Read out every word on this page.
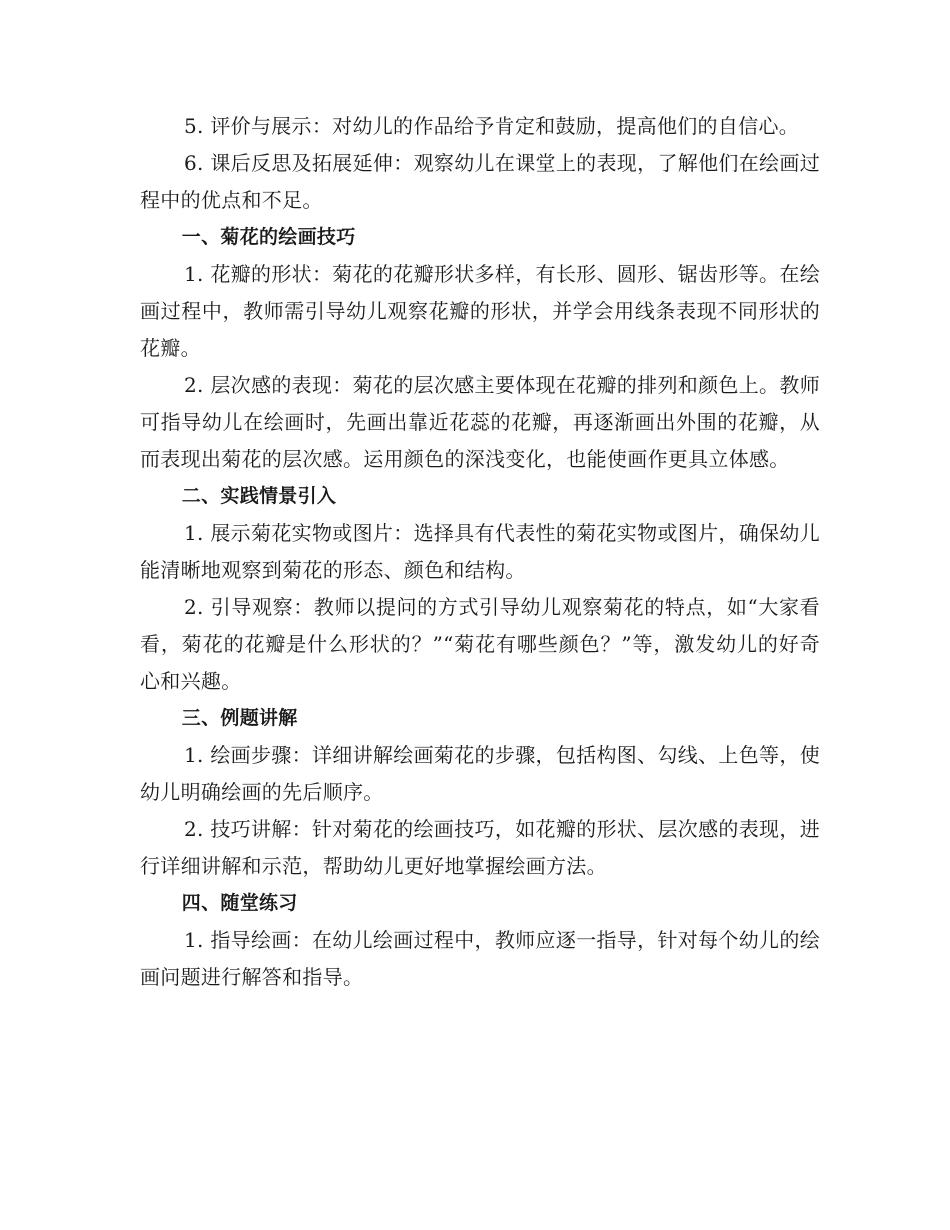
5. 评价与展示：对幼儿的作品给予肯定和鼓励，提高他们的自信心。

6. 课后反思及拓展延伸：观察幼儿在课堂上的表现，了解他们在绘画过程中的优点和不足。

一、菊花的绘画技巧

1. 花瓣的形状：菊花的花瓣形状多样，有长形、圆形、锯齿形等。在绘画过程中，教师需引导幼儿观察花瓣的形状，并学会用线条表现不同形状的花瓣。

2. 层次感的表现：菊花的层次感主要体现在花瓣的排列和颜色上。教师可指导幼儿在绘画时，先画出靠近花蕊的花瓣，再逐渐画出外围的花瓣，从而表现出菊花的层次感。运用颜色的深浅变化，也能使画作更具立体感。

二、实践情景引入

1. 展示菊花实物或图片：选择具有代表性的菊花实物或图片，确保幼儿能清晰地观察到菊花的形态、颜色和结构。

2. 引导观察：教师以提问的方式引导幼儿观察菊花的特点，如“大家看看，菊花的花瓣是什么形状的？”“菊花有哪些颜色？”等，激发幼儿的好奇心和兴趣。

三、例题讲解

1. 绘画步骤：详细讲解绘画菊花的步骤，包括构图、勾线、上色等，使幼儿明确绘画的先后顺序。

2. 技巧讲解：针对菊花的绘画技巧，如花瓣的形状、层次感的表现，进行详细讲解和示范，帮助幼儿更好地掌握绘画方法。

四、随堂练习

1. 指导绘画：在幼儿绘画过程中，教师应逐一指导，针对每个幼儿的绘画问题进行解答和指导。
